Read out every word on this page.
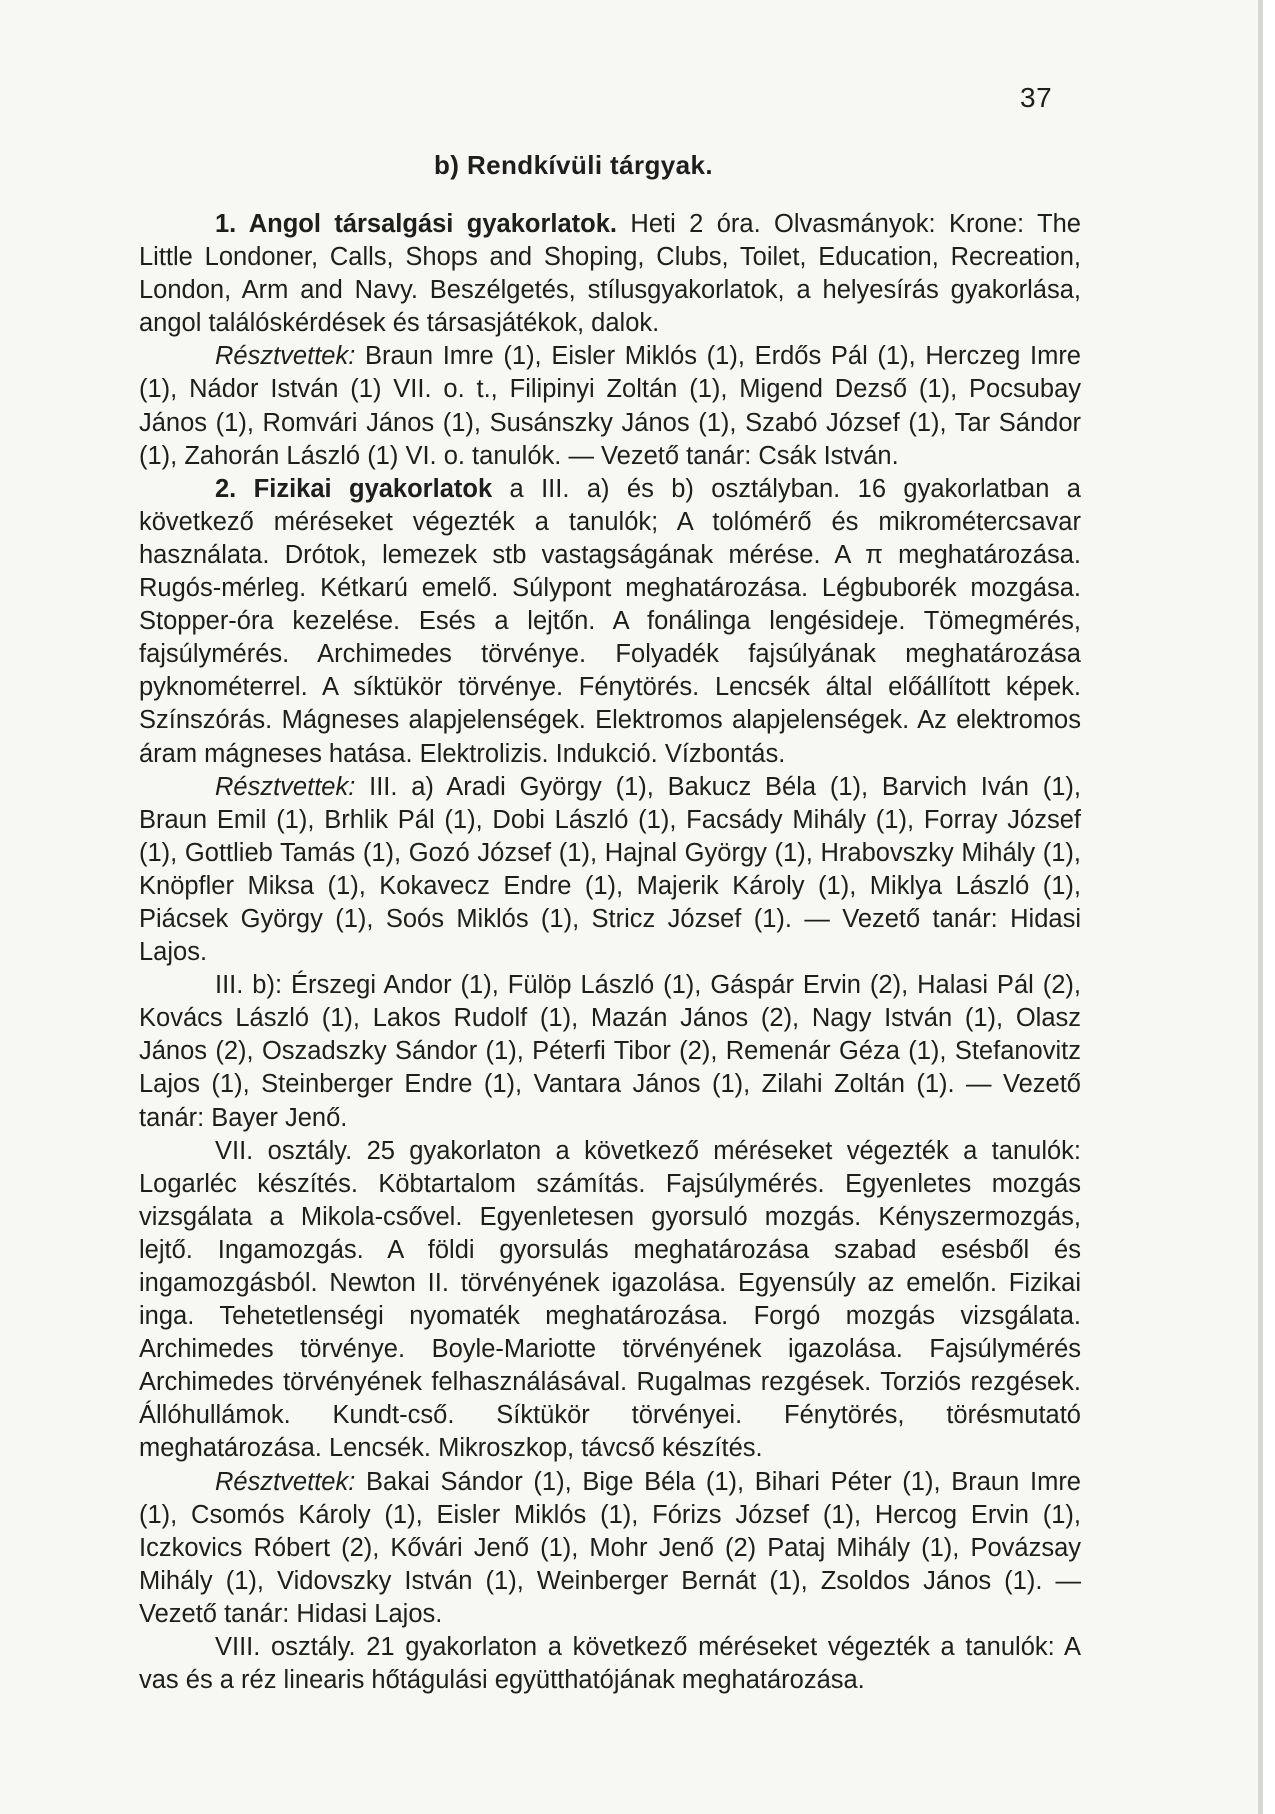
37
b) Rendkívüli tárgyak.

1. Angol társalgási gyakorlatok. Heti 2 óra. Olvasmányok: Krone: The Little Londoner, Calls, Shops and Shoping, Clubs, Toilet, Education, Recreation, London, Arm and Navy. Beszélgetés, stílusgyakorlatok, a helyesírás gyakorlása, angol találóskérdések és társasjátékok, dalok.

Résztvettek: Braun Imre (1), Eisler Miklós (1), Erdős Pál (1), Herczeg Imre (1), Nádor István (1) VII. o. t., Filipinyi Zoltán (1), Migend Dezső (1), Pocsubay János (1), Romvári János (1), Susánszky János (1), Szabó József (1), Tar Sándor (1), Zahorán László (1) VI. o. tanulók. — Vezető tanár: Csák István.

2. Fizikai gyakorlatok a III. a) és b) osztályban. 16 gyakorlatban a következő méréseket végezték a tanulók; A tolómérő és mikrométercsavar használata. Drótok, lemezek stb vastagságának mérése. A π meghatározása. Rugós-mérleg. Kétkarú emelő. Súlypont meghatározása. Légbuborék mozgása. Stopper-óra kezelése. Esés a lejtőn. A fonálinga lengésideje. Tömegmérés, fajsúlymérés. Archimedes törvénye. Folyadék fajsúlyának meghatározása pyknométerrel. A síktükör törvénye. Fénytörés. Lencsék által előállított képek. Színszórás. Mágneses alapjelenségek. Elektromos alapjelenségek. Az elektromos áram mágneses hatása. Elektrolizis. Indukció. Vízbontás.

Résztvettek: III. a) Aradi György (1), Bakucz Béla (1), Barvich Iván (1), Braun Emil (1), Brhlik Pál (1), Dobi László (1), Facsády Mihály (1), Forray József (1), Gottlieb Tamás (1), Gozó József (1), Hajnal György (1), Hrabovszky Mihály (1), Knöpfler Miksa (1), Kokavecz Endre (1), Majerik Károly (1), Miklya László (1), Piácsek György (1), Soós Miklós (1), Stricz József (1). — Vezető tanár: Hidasi Lajos.

III. b): Érszegi Andor (1), Fülöp László (1), Gáspár Ervin (2), Halasi Pál (2), Kovács László (1), Lakos Rudolf (1), Mazán János (2), Nagy István (1), Olasz János (2), Oszadszky Sándor (1), Péterfi Tibor (2), Remenár Géza (1), Stefanovitz Lajos (1), Steinberger Endre (1), Vantara János (1), Zilahi Zoltán (1). — Vezető tanár: Bayer Jenő.

VII. osztály. 25 gyakorlaton a következő méréseket végezték a tanulók: Logarléc készítés. Köbtartalom számítás. Fajsúlymérés. Egyenletes mozgás vizsgálata a Mikola-csővel. Egyenletesen gyorsuló mozgás. Kényszermozgás, lejtő. Ingamozgás. A földi gyorsulás meghatározása szabad esésből és ingamozgásból. Newton II. törvényének igazolása. Egyensúly az emelőn. Fizikai inga. Tehetetlenségi nyomaték meghatározása. Forgó mozgás vizsgálata. Archimedes törvénye. Boyle-Mariotte törvényének igazolása. Fajsúlymérés Archimedes törvényének felhasználásával. Rugalmas rezgések. Torziós rezgések. Állóhullámok. Kundt-cső. Síktükör törvényei. Fénytörés, törésmutató meghatározása. Lencsék. Mikroszkop, távcső készítés.

Résztvettek: Bakai Sándor (1), Bige Béla (1), Bihari Péter (1), Braun Imre (1), Csomós Károly (1), Eisler Miklós (1), Fórizs József (1), Hercog Ervin (1), Iczkovics Róbert (2), Kővári Jenő (1), Mohr Jenő (2) Pataj Mihály (1), Povázsay Mihály (1), Vidovszky István (1), Weinberger Bernát (1), Zsoldos János (1). — Vezető tanár: Hidasi Lajos.

VIII. osztály. 21 gyakorlaton a következő méréseket végezték a tanulók: A vas és a réz linearis hőtágulási együtthatójának meghatározása.
